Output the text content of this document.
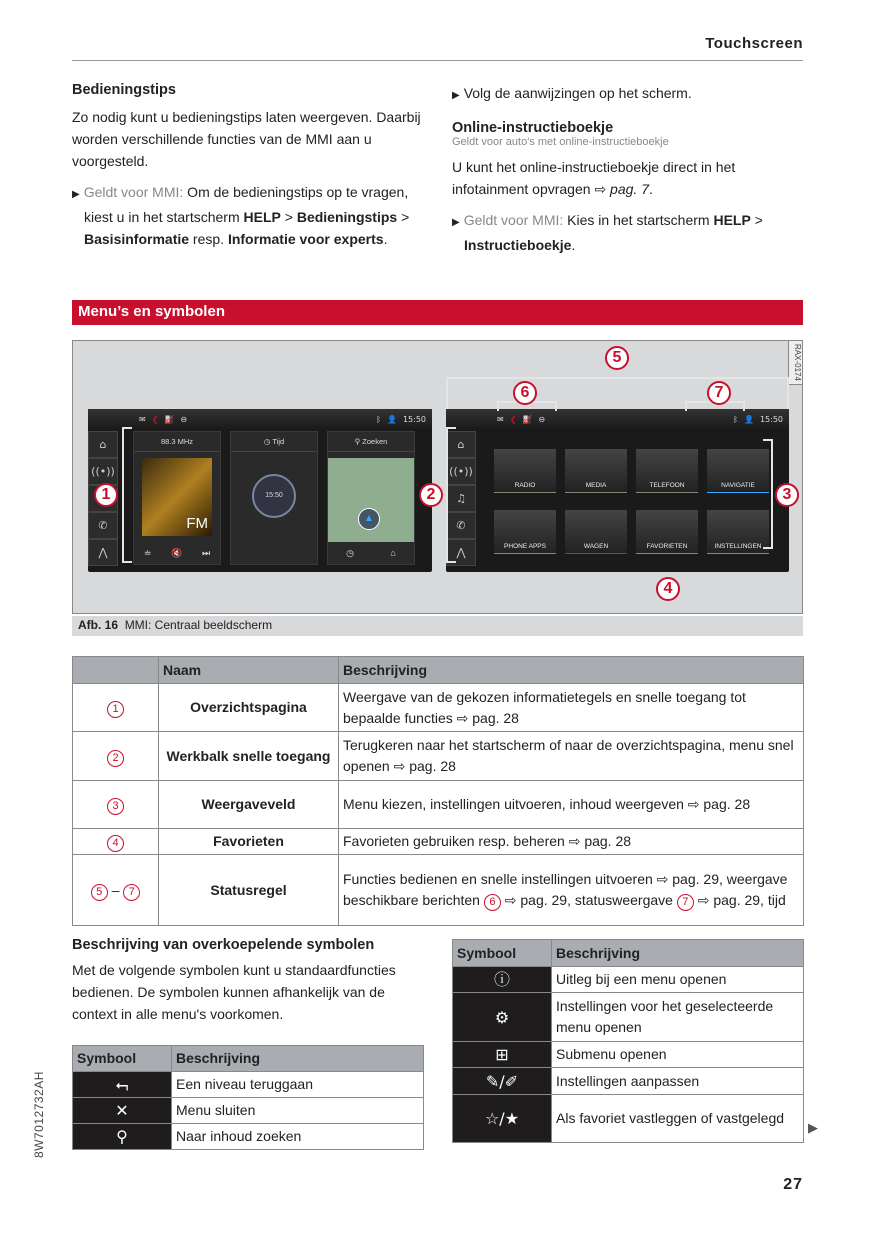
Touchscreen
Bedieningstips

Zo nodig kunt u bedieningstips laten weergeven. Daarbij worden verschillende functies van de MMI aan u voorgesteld.

▶ Geldt voor MMI: Om de bedieningstips op te vragen, kiest u in het startscherm HELP > Bedieningstips > Basisinformatie resp. Informatie voor experts.

▶ Volg de aanwijzingen op het scherm.

Online-instructieboekje
Geldt voor auto's met online-instructieboekje

U kunt het online-instructieboekje direct in het infotainment opvragen ⇨ pag. 7.

▶ Geldt voor MMI: Kies in het startscherm HELP > Instructieboekje.

Menu’s en symbolen
RAX-0174
✉ ❮ ⛽ ⊖	ᛒ 👤 15:50
⌂
((•))
✆
⋀
88.3 MHz
FM
≐ 🔇 ⏭
◷ Tijd
15:50
⚲ Zoeken
▲
◷	⌂
✉ ❮ ⛽ ⊖	ᛒ 👤 15:50
⌂
((•))
♫
✆
⋀
RADIO	MEDIA	TELEFOON	NAVIGATIE
PHONE APPS	WAGEN	FAVORIETEN	INSTELLINGEN
1	2	3
4
5
6	7
Afb. 16 MMI: Centraal beeldscherm
	Naam	Beschrijving
1	Overzichtspagina	Weergave van de gekozen informatietegels en snelle toegang tot bepaalde functies ⇨ pag. 28
2	Werkbalk snelle toegang	Terugkeren naar het startscherm of naar de overzichtspagina, menu snel openen ⇨ pag. 28
3	Weergaveveld	Menu kiezen, instellingen uitvoeren, inhoud weergeven ⇨ pag. 28
4	Favorieten	Favorieten gebruiken resp. beheren ⇨ pag. 28
5 – 7	Statusregel	Functies bedienen en snelle instellingen uitvoeren ⇨ pag. 29, weergave beschikbare berichten 6 ⇨ pag. 29, statusweergave 7 ⇨ pag. 29, tijd
Beschrijving van overkoepelende symbolen

Met de volgende symbolen kunt u standaardfuncties bedienen. De symbolen kunnen afhankelijk van de context in alle menu's voorkomen.

Symbool	Beschrijving
⮢	Een niveau teruggaan
✕	Menu sluiten
⚲	Naar inhoud zoeken
Symbool	Beschrijving
ⓘ	Uitleg bij een menu openen
⚙	Instellingen voor het geselecteerde menu openen
⊞	Submenu openen
✎/✐	Instellingen aanpassen
☆/★	Als favoriet vastleggen of vastgelegd
8W7012732AH	▶
27
